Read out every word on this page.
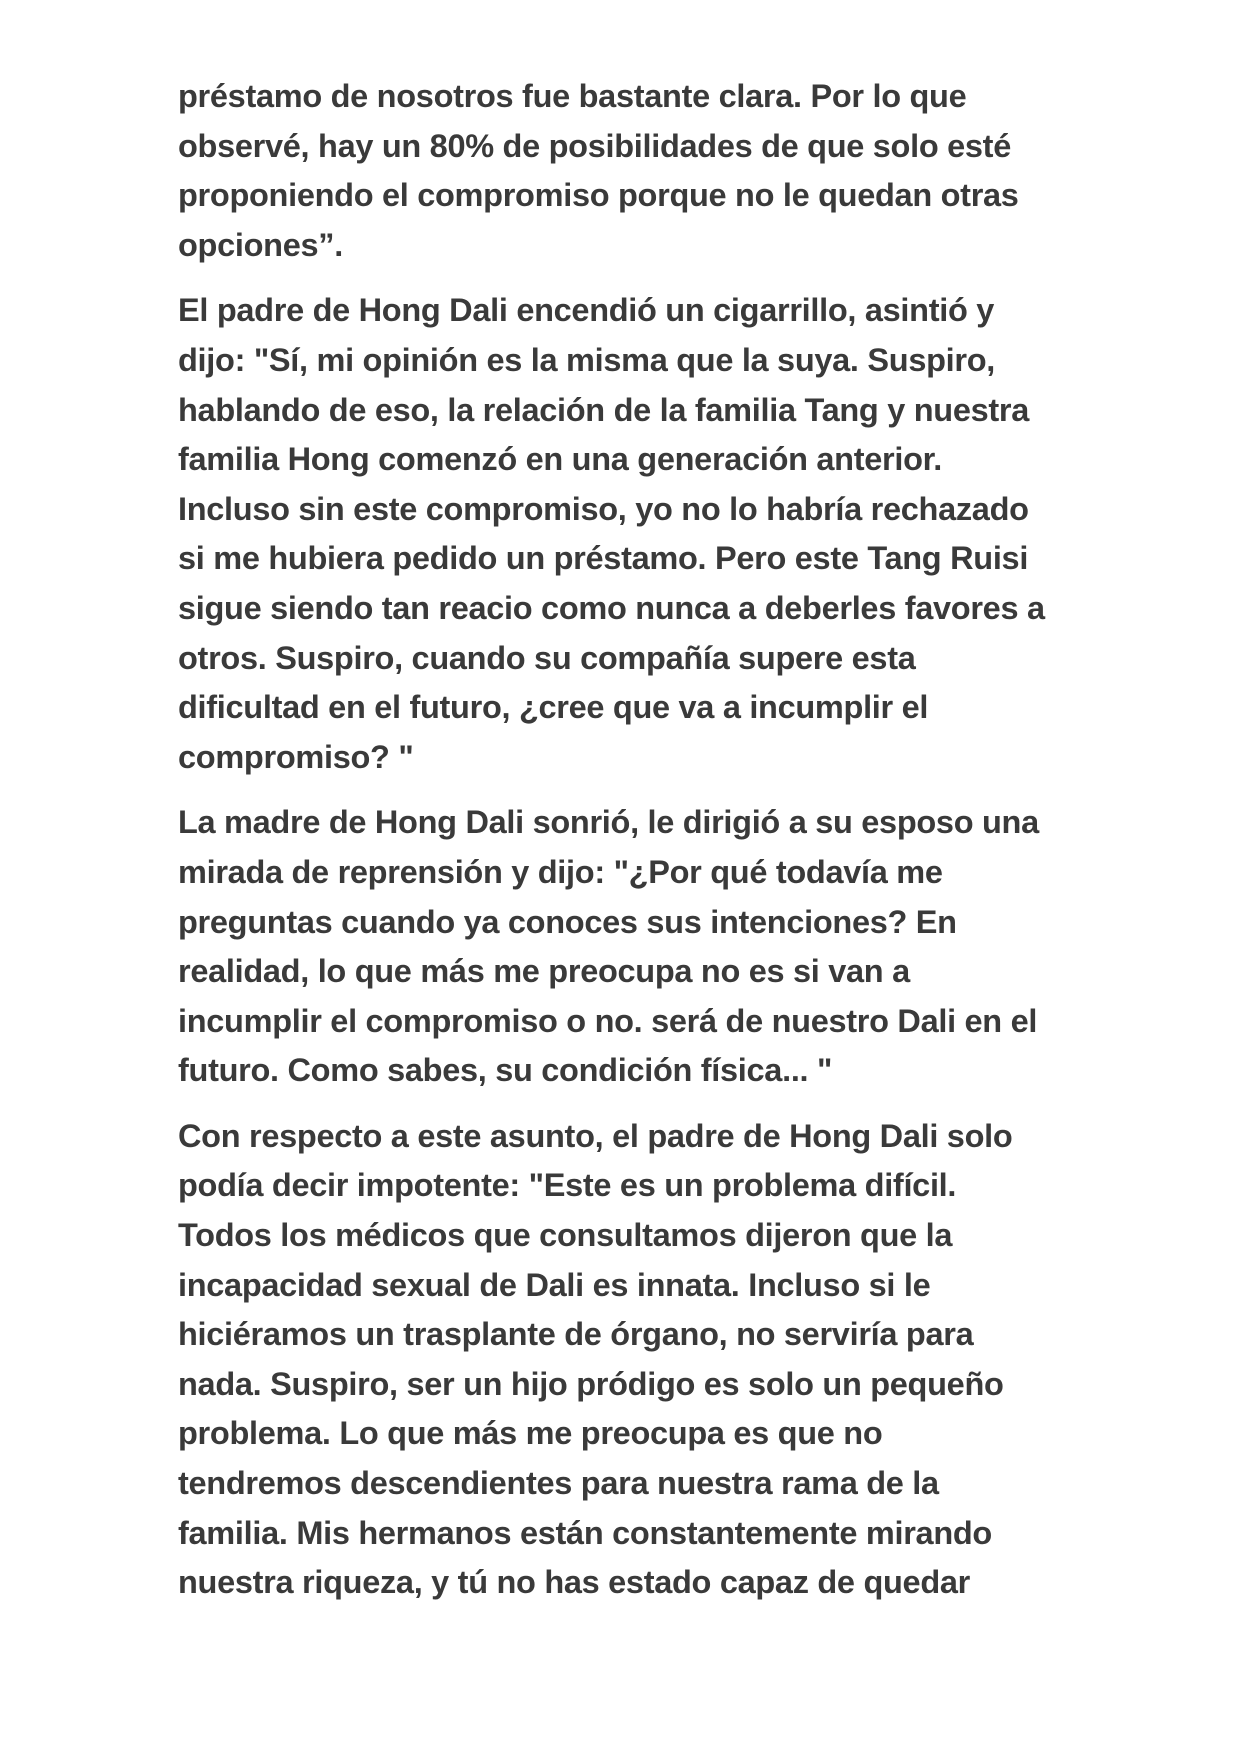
préstamo de nosotros fue bastante clara. Por lo que
observé, hay un 80% de posibilidades de que solo esté
proponiendo el compromiso porque no le quedan otras
opciones”.

El padre de Hong Dali encendió un cigarrillo, asintió y
dijo: "Sí, mi opinión es la misma que la suya. Suspiro,
hablando de eso, la relación de la familia Tang y nuestra
familia Hong comenzó en una generación anterior.
Incluso sin este compromiso, yo no lo habría rechazado
si me hubiera pedido un préstamo. Pero este Tang Ruisi
sigue siendo tan reacio como nunca a deberles favores a
otros. Suspiro, cuando su compañía supere esta
dificultad en el futuro, ¿cree que va a incumplir el
compromiso? "

La madre de Hong Dali sonrió, le dirigió a su esposo una
mirada de reprensión y dijo: "¿Por qué todavía me
preguntas cuando ya conoces sus intenciones? En
realidad, lo que más me preocupa no es si van a
incumplir el compromiso o no. será de nuestro Dali en el
futuro. Como sabes, su condición física... "

Con respecto a este asunto, el padre de Hong Dali solo
podía decir impotente: "Este es un problema difícil.
Todos los médicos que consultamos dijeron que la
incapacidad sexual de Dali es innata. Incluso si le
hiciéramos un trasplante de órgano, no serviría para
nada. Suspiro, ser un hijo pródigo es solo un pequeño
problema. Lo que más me preocupa es que no
tendremos descendientes para nuestra rama de la
familia. Mis hermanos están constantemente mirando
nuestra riqueza, y tú no has estado capaz de quedar
